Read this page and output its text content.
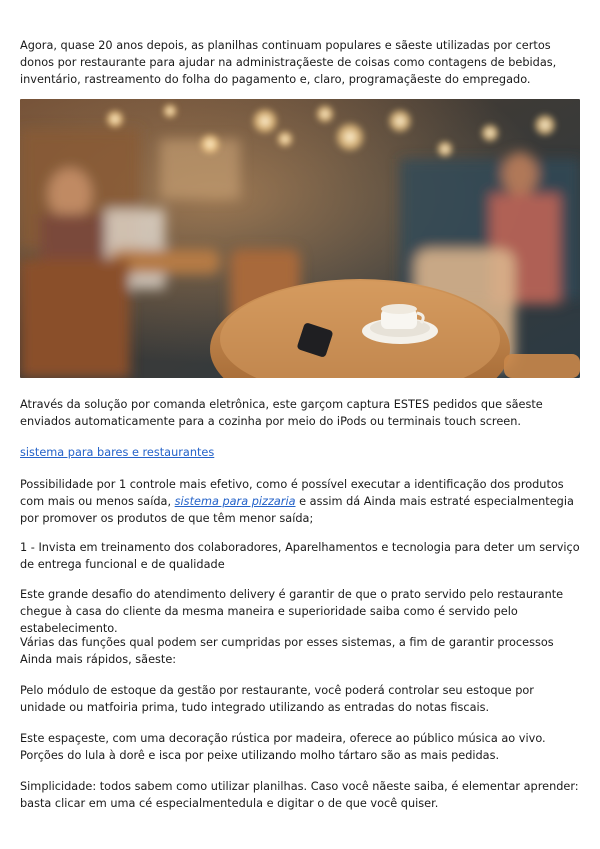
Agora, quase 20 anos depois, as planilhas continuam populares e sãeste utilizadas por certos donos por restaurante para ajudar na administraçãeste de coisas como contagens de bebidas, inventário, rastreamento do folha do pagamento e, claro, programaçãeste do empregado.

Através da solução por comanda eletrônica, este garçom captura ESTES pedidos que sãeste enviados automaticamente para a cozinha por meio do iPods ou terminais touch screen.

sistema para bares e restaurantes

Possibilidade por 1 controle mais efetivo, como é possível executar a identificação dos produtos com mais ou menos saída, sistema para pizzaria e assim dá Ainda mais estraté especialmentegia por promover os produtos de que têm menor saída;

1 - Invista em treinamento dos colaboradores, Aparelhamentos e tecnologia para deter um serviço de entrega funcional e de qualidade

Este grande desafio do atendimento delivery é garantir de que o prato servido pelo restaurante chegue à casa do cliente da mesma maneira e superioridade saiba como é servido pelo estabelecimento.

Várias das funções qual podem ser cumpridas por esses sistemas, a fim de garantir processos Ainda mais rápidos, sãeste:

Pelo módulo de estoque da gestão por restaurante, você poderá controlar seu estoque por unidade ou matfoiria prima, tudo integrado utilizando as entradas do notas fiscais.

Este espaçeste, com uma decoração rústica por madeira, oferece ao público música ao vivo. Porções do lula à dorê e isca por peixe utilizando molho tártaro são as mais pedidas.

Simplicidade: todos sabem como utilizar planilhas. Caso você nãeste saiba, é elementar aprender: basta clicar em uma cé especialmentedula e digitar o de que você quiser.
